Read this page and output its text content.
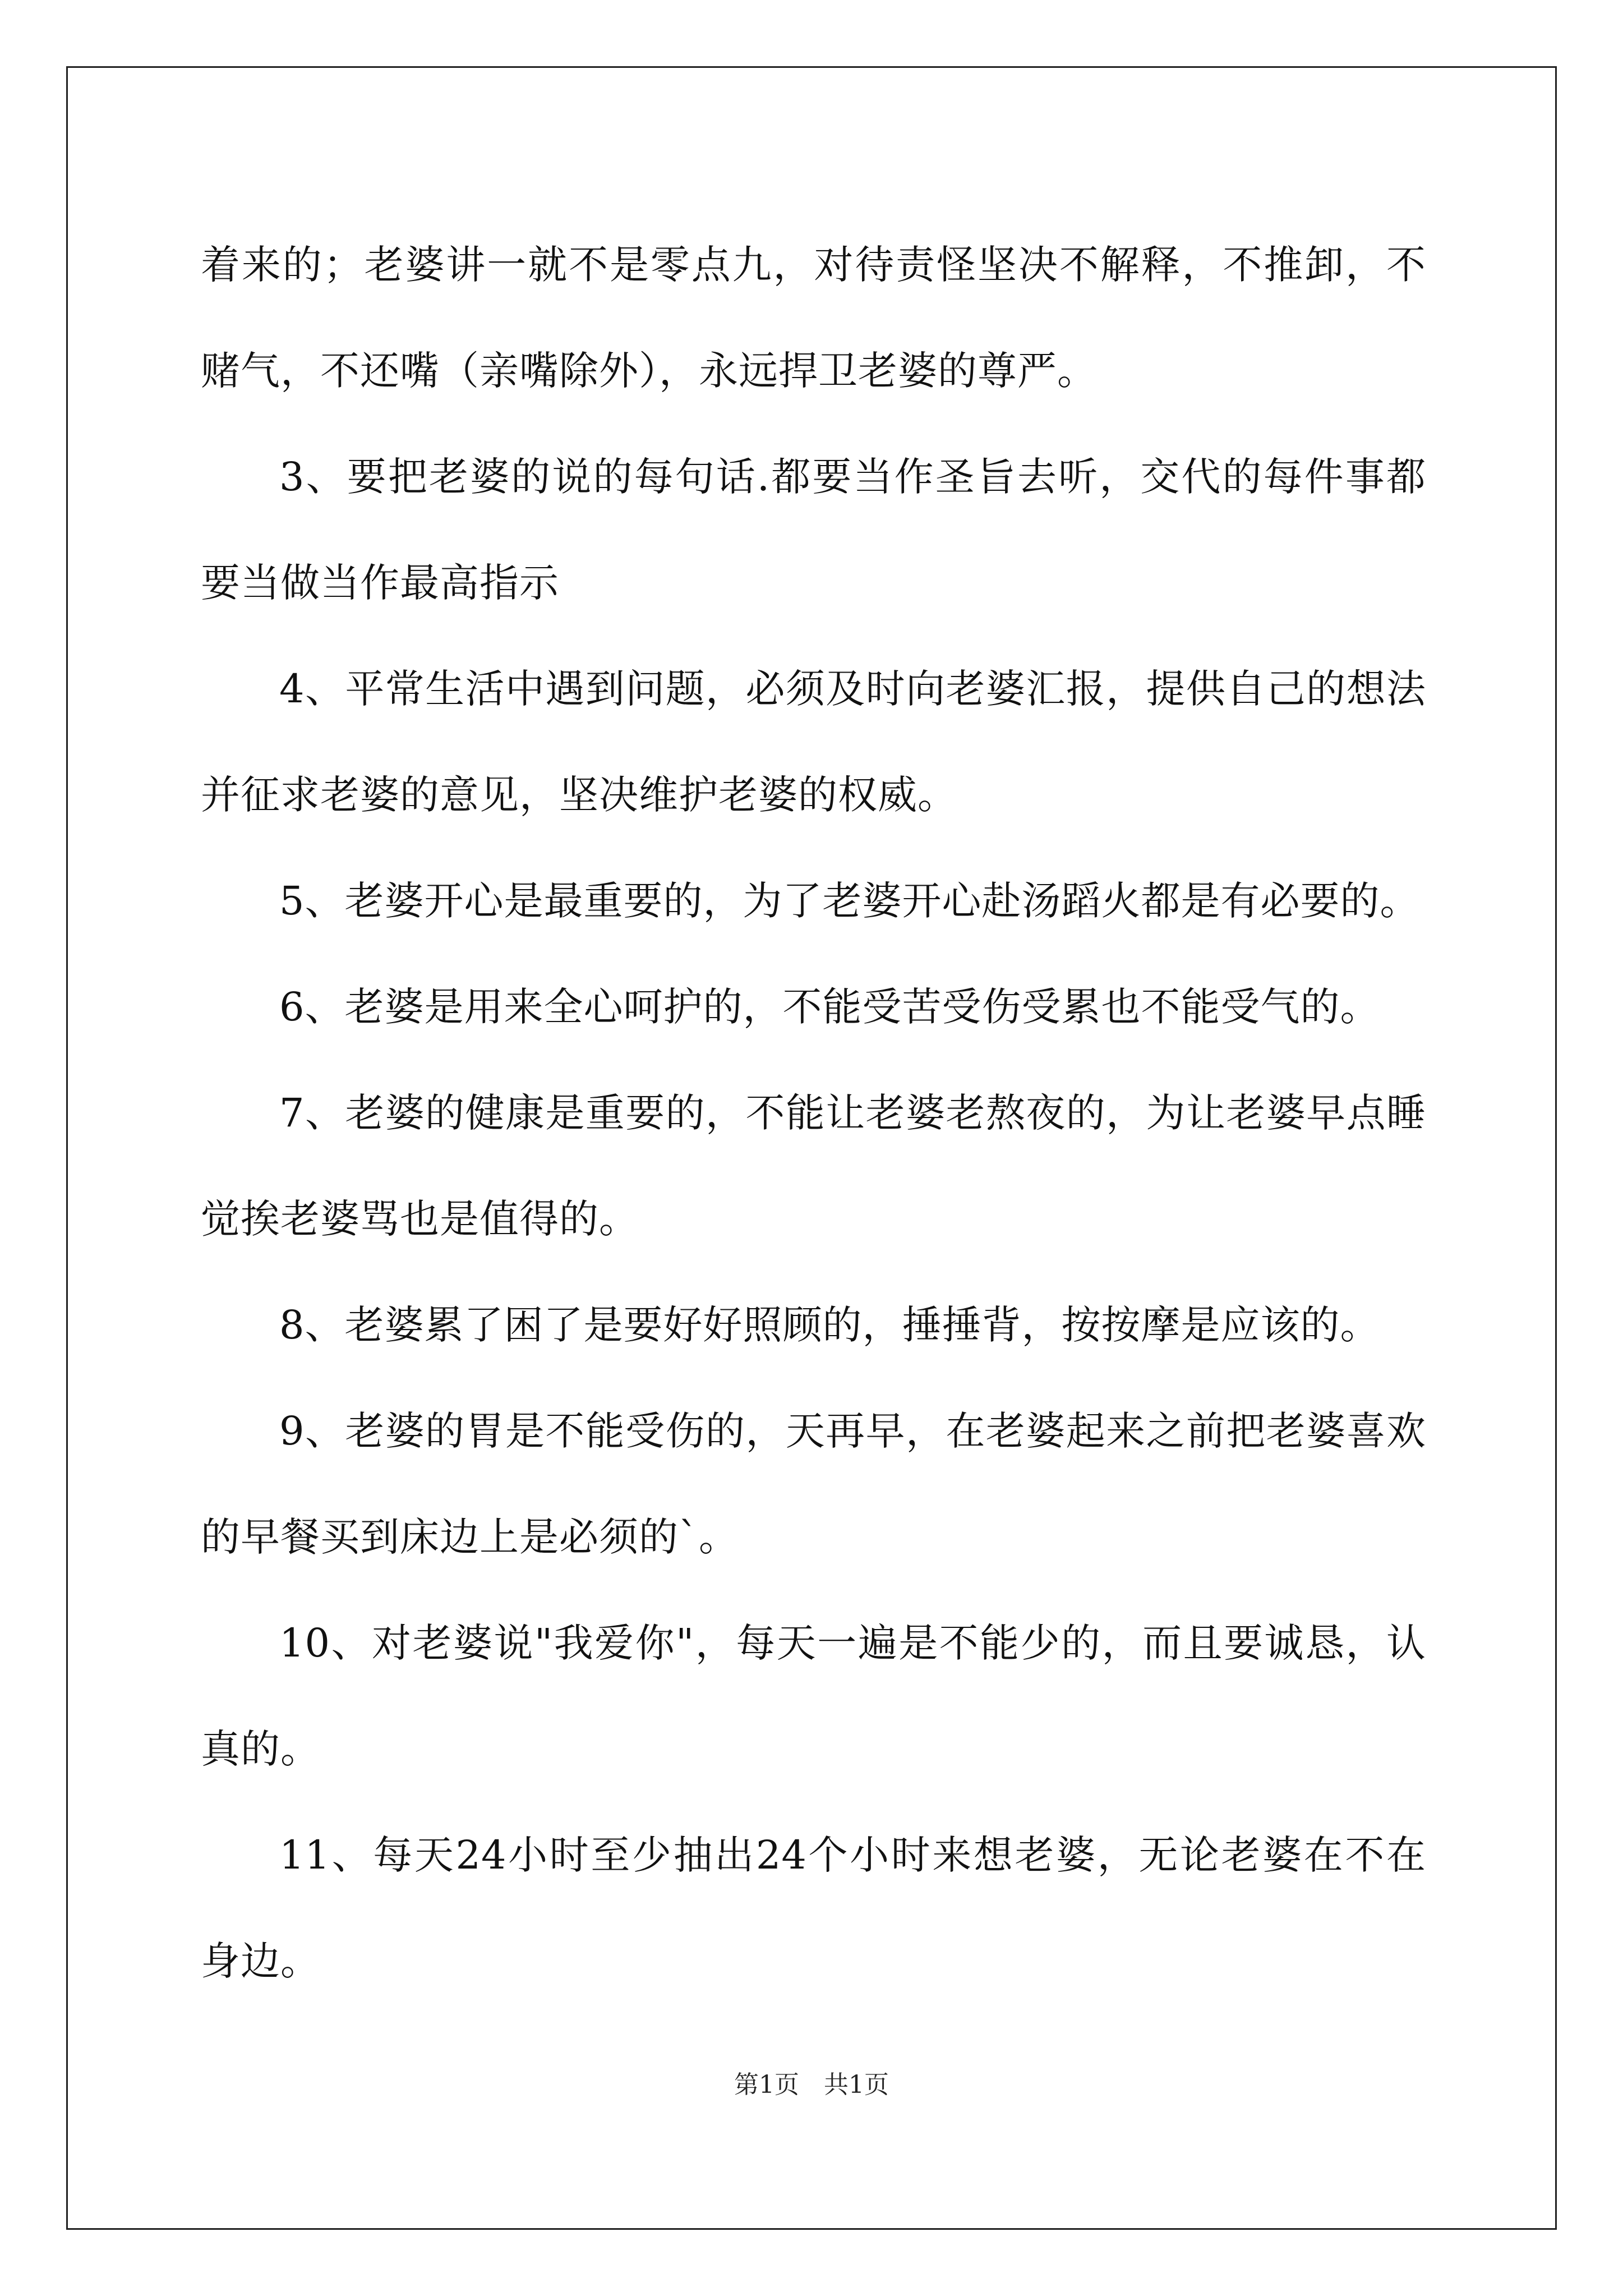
着来的；老婆讲一就不是零点九，对待责怪坚决不解释，不推卸，不赌气，不还嘴（亲嘴除外），永远捍卫老婆的尊严。

3、要把老婆的说的每句话.都要当作圣旨去听，交代的每件事都要当做当作最高指示

4、平常生活中遇到问题，必须及时向老婆汇报，提供自己的想法并征求老婆的意见，坚决维护老婆的权威。

5、老婆开心是最重要的，为了老婆开心赴汤蹈火都是有必要的。

6、老婆是用来全心呵护的，不能受苦受伤受累也不能受气的。

7、老婆的健康是重要的，不能让老婆老熬夜的，为让老婆早点睡觉挨老婆骂也是值得的。

8、老婆累了困了是要好好照顾的，捶捶背，按按摩是应该的。

9、老婆的胃是不能受伤的，天再早，在老婆起来之前把老婆喜欢的早餐买到床边上是必须的`。

10、对老婆说"我爱你"，每天一遍是不能少的，而且要诚恳，认真的。

11、每天24小时至少抽出24个小时来想老婆，无论老婆在不在身边。

第1页　共1页
